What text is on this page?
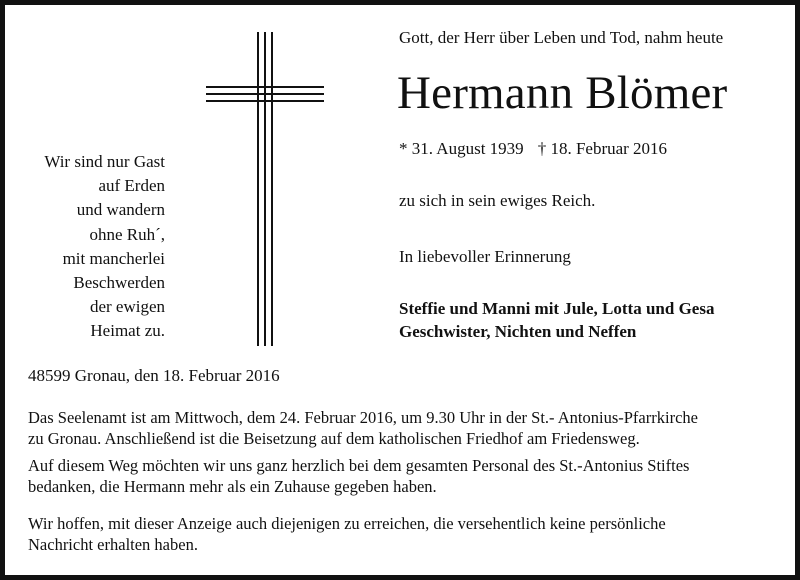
Gott, der Herr über Leben und Tod, nahm heute
Hermann Blömer
* 31. August 1939 † 18. Februar 2016
zu sich in sein ewiges Reich.
In liebevoller Erinnerung
Steffie und Manni mit Jule, Lotta und Gesa
Geschwister, Nichten und Neffen
Wir sind nur Gast
auf Erden
und wandern
ohne Ruh´,
mit mancherlei
Beschwerden
der ewigen
Heimat zu.
48599 Gronau, den 18. Februar 2016
Das Seelenamt ist am Mittwoch, dem 24. Februar 2016, um 9.30 Uhr in der St.- Antonius-Pfarrkirche
zu Gronau. Anschließend ist die Beisetzung auf dem katholischen Friedhof am Friedensweg.
Auf diesem Weg möchten wir uns ganz herzlich bei dem gesamten Personal des St.-Antonius Stiftes
bedanken, die Hermann mehr als ein Zuhause gegeben haben.
Wir hoffen, mit dieser Anzeige auch diejenigen zu erreichen, die versehentlich keine persönliche
Nachricht erhalten haben.
